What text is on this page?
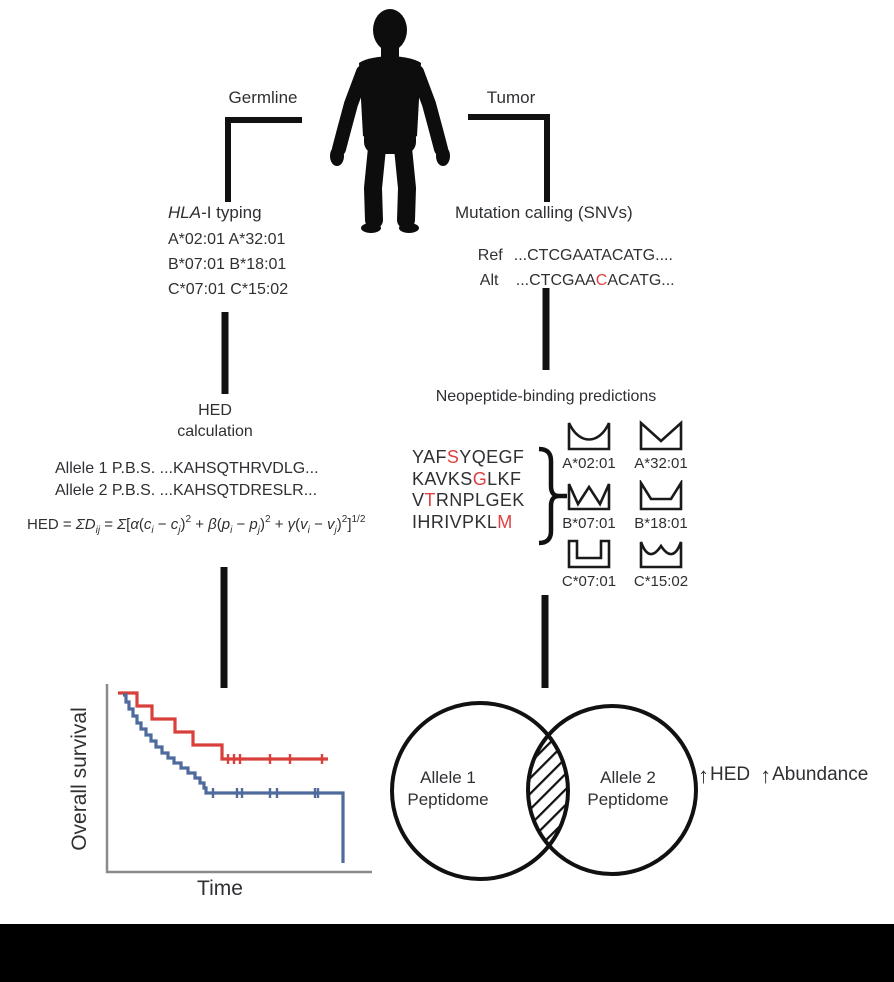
Germline	Tumor
HLA-I typing
A*02:01 A*32:01
B*07:01 B*18:01
C*07:01 C*15:02
Mutation calling (SNVs)

Ref ...CTCGAATACATG....

Alt ...CTCGAACACATG...

HED
calculation
Allele 1 P.B.S. ...KAHSQTHRVDLG...
Allele 2 P.B.S. ...KAHSQTDRESLR...
HED = $\Sigma D_{ij} = \Sigma[\alpha(c_i - c_j)^2 + \beta(p_i - p_j)^2 + \gamma(v_i - v_j)^2]^{1/2}$
Neopeptide-binding predictions
YAFSYQEGF
KAVKSGLKF
VTRNPLGEK
IHRIVPKLM
A*02:01	A*32:01
B*07:01	B*18:01
C*07:01	C*15:02
Overall survival
Time
Allele 1
Peptidome
Allele 2
Peptidome
↑ HED ↑ Abundance
